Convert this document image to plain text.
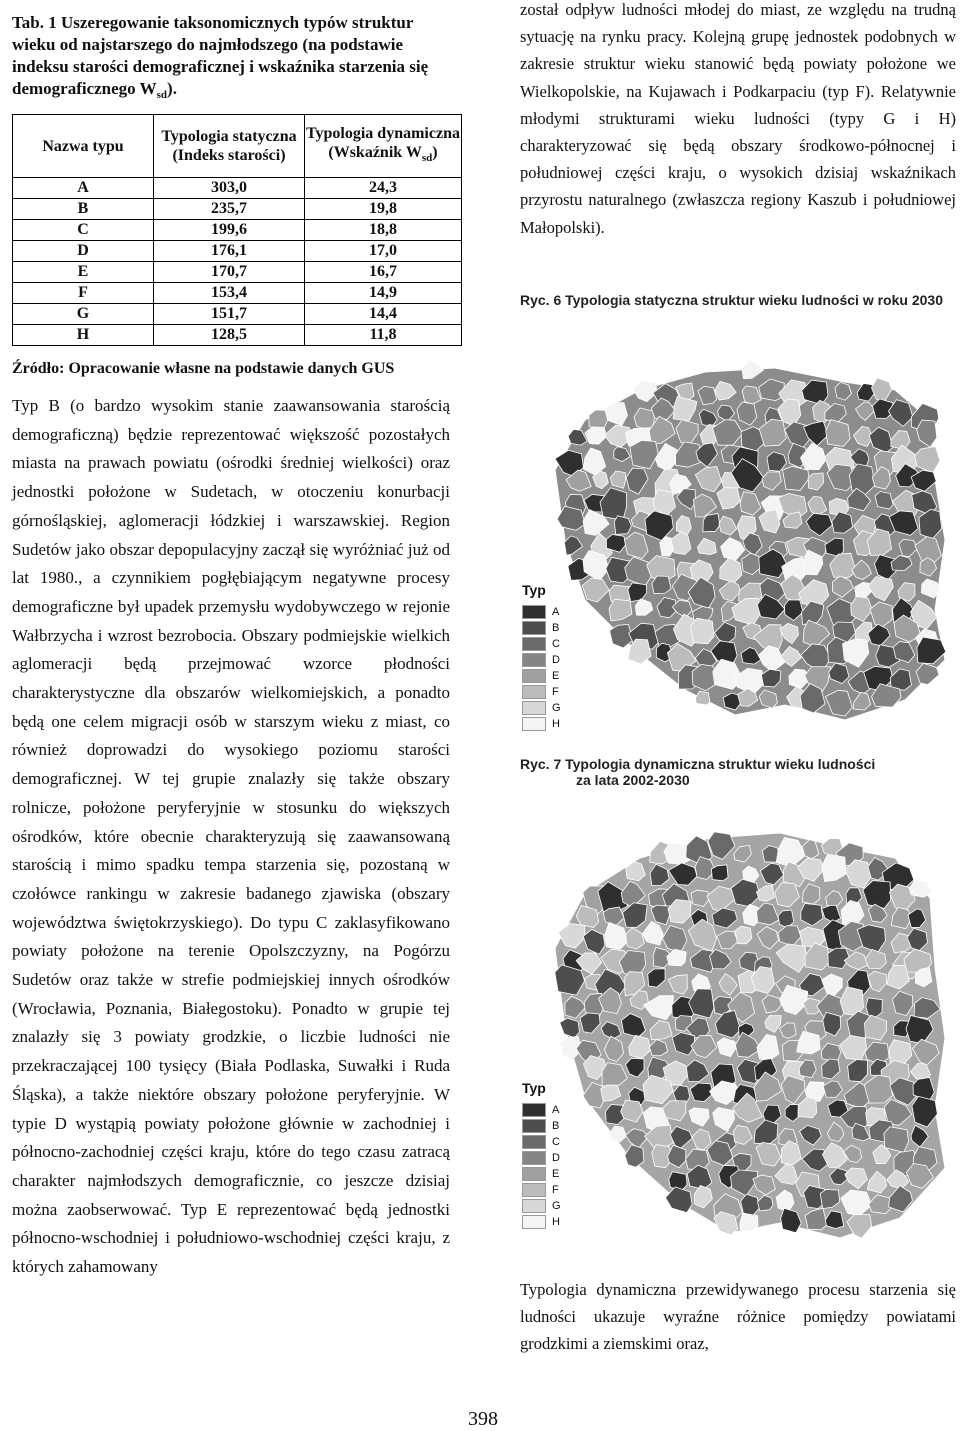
Tab. 1 Uszeregowanie taksonomicznych typów struktur wieku od najstarszego do najmłodszego (na podstawie indeksu starości demograficznej i wskaźnika starzenia się demograficznego $W_{sd}$).

Nazwa typu	Typologia statyczna (Indeks starości)	Typologia dynamiczna (Wskaźnik $W_{sd}$)
A	303,0	24,3
B	235,7	19,8
C	199,6	18,8
D	176,1	17,0
E	170,7	16,7
F	153,4	14,9
G	151,7	14,4
H	128,5	11,8
Źródło: Opracowanie własne na podstawie danych GUS
Typ B (o bardzo wysokim stanie zaawansowania starością demograficzną) będzie reprezentować większość pozostałych miasta na prawach powiatu (ośrodki średniej wielkości) oraz jednostki położone w Sudetach, w otoczeniu konurbacji górnośląskiej, aglomeracji łódzkiej i warszawskiej. Region Sudetów jako obszar depopulacyjny zaczął się wyróżniać już od lat 1980., a czynnikiem pogłębiającym negatywne procesy demograficzne był upadek przemysłu wydobywczego w rejonie Wałbrzycha i wzrost bezrobocia. Obszary podmiejskie wielkich aglomeracji będą przejmować wzorce płodności charakterystyczne dla obszarów wielkomiejskich, a ponadto będą one celem migracji osób w starszym wieku z miast, co również doprowadzi do wysokiego poziomu starości demograficznej. W tej grupie znalazły się także obszary rolnicze, położone peryferyjnie w stosunku do większych ośrodków, które obecnie charakteryzują się zaawansowaną starością i mimo spadku tempa starzenia się, pozostaną w czołówce rankingu w zakresie badanego zjawiska (obszary województwa świętokrzyskiego). Do typu C zaklasyfikowano powiaty położone na terenie Opolszczyzny, na Pogórzu Sudetów oraz także w strefie podmiejskiej innych ośrodków (Wrocławia, Poznania, Białegostoku). Ponadto w grupie tej znalazły się 3 powiaty grodzkie, o liczbie ludności nie przekraczającej 100 tysięcy (Biała Podlaska, Suwałki i Ruda Śląska), a także niektóre obszary położone peryferyjnie. W typie D wystąpią powiaty położone głównie w zachodniej i północno-zachodniej części kraju, które do tego czasu zatracą charakter najmłodszych demograficznie, co jeszcze dzisiaj można zaobserwować. Typ E reprezentować będą jednostki północno-wschodniej i południowo-wschodniej części kraju, z których zahamowany

został odpływ ludności młodej do miast, ze względu na trudną sytuację na rynku pracy. Kolejną grupę jednostek podobnych w zakresie struktur wieku stanowić będą powiaty położone we Wielkopolskie, na Kujawach i Podkarpaciu (typ F). Relatywnie młodymi strukturami wieku ludności (typy G i H) charakteryzować się będą obszary środkowo-północnej i południowej części kraju, o wysokich dzisiaj wskaźnikach przyrostu naturalnego (zwłaszcza regiony Kaszub i południowej Małopolski).

Ryc. 6 Typologia statyczna struktur wieku ludności w roku 2030
Typ
A
B
C
D
E
F
G
H
Ryc. 7 Typologia dynamiczna struktur wieku ludności
za lata 2002-2030
Typ
A
B
C
D
E
F
G
H

Typologia dynamiczna przewidywanego procesu starzenia się ludności ukazuje wyraźne różnice pomiędzy powiatami grodzkimi a ziemskimi oraz,

398
